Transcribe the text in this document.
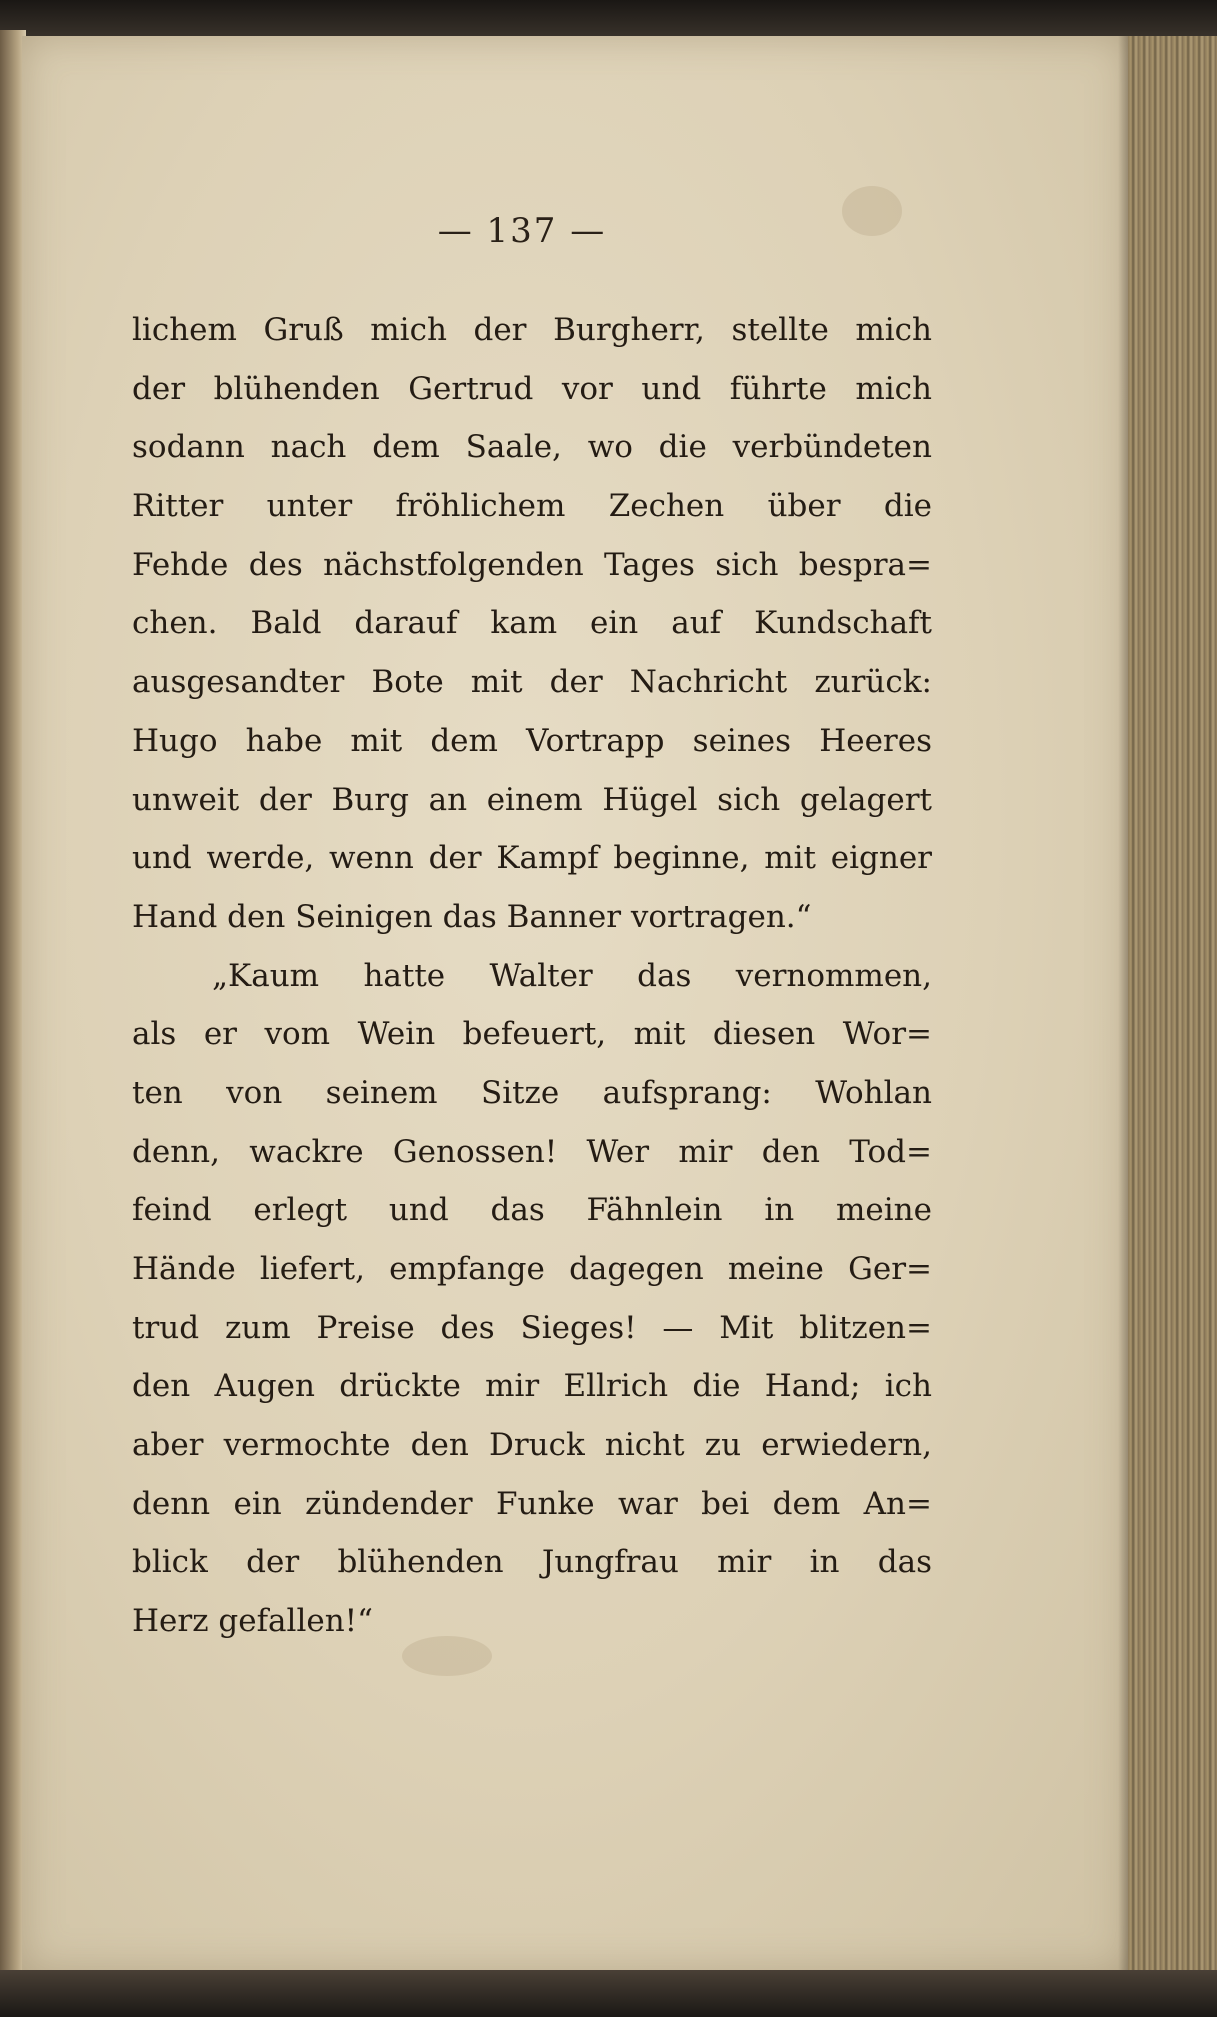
— 137 —
lichem Gruß mich der Burgherr, stellte mich
der blühenden Gertrud vor und führte mich
sodann nach dem Saale, wo die verbündeten
Ritter unter fröhlichem Zechen über die
Fehde des nächstfolgenden Tages sich bespra=
chen. Bald darauf kam ein auf Kundschaft
ausgesandter Bote mit der Nachricht zurück:
Hugo habe mit dem Vortrapp seines Heeres
unweit der Burg an einem Hügel sich gelagert
und werde, wenn der Kampf beginne, mit eigner
Hand den Seinigen das Banner vortragen.“
„Kaum hatte Walter das vernommen,
als er vom Wein befeuert, mit diesen Wor=
ten von seinem Sitze aufsprang: Wohlan
denn, wackre Genossen! Wer mir den Tod=
feind erlegt und das Fähnlein in meine
Hände liefert, empfange dagegen meine Ger=
trud zum Preise des Sieges! — Mit blitzen=
den Augen drückte mir Ellrich die Hand; ich
aber vermochte den Druck nicht zu erwiedern,
denn ein zündender Funke war bei dem An=
blick der blühenden Jungfrau mir in das
Herz gefallen!“
